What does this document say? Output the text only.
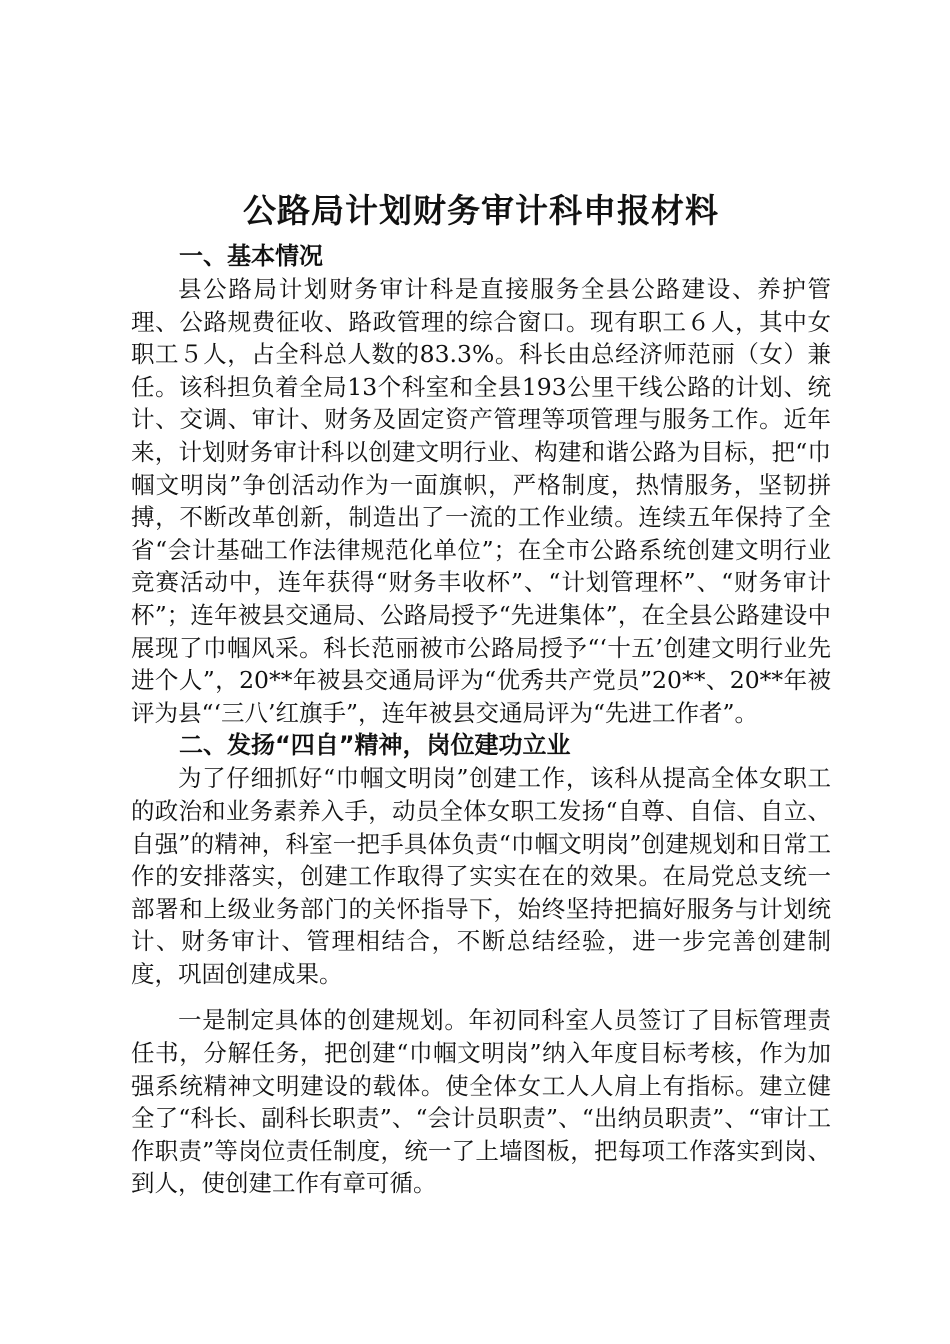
公路局计划财务审计科申报材料
一、基本情况

县公路局计划财务审计科是直接服务全县公路建设、养护管理、公路规费征收、路政管理的综合窗口。现有职工６人，其中女职工５人，占全科总人数的83.3%。科长由总经济师范丽（女）兼任。该科担负着全局13个科室和全县193公里干线公路的计划、统计、交调、审计、财务及固定资产管理等项管理与服务工作。近年来，计划财务审计科以创建文明行业、构建和谐公路为目标，把“巾帼文明岗”争创活动作为一面旗帜，严格制度，热情服务，坚韧拼搏，不断改革创新，制造出了一流的工作业绩。连续五年保持了全省“会计基础工作法律规范化单位”；在全市公路系统创建文明行业竞赛活动中，连年获得“财务丰收杯”、“计划管理杯”、“财务审计杯”；连年被县交通局、公路局授予“先进集体”，在全县公路建设中展现了巾帼风采。科长范丽被市公路局授予“‘十五’创建文明行业先进个人”，20**年被县交通局评为“优秀共产党员”20**、20**年被评为县“‘三八’红旗手”，连年被县交通局评为“先进工作者”。

二、发扬“四自”精神，岗位建功立业

为了仔细抓好“巾帼文明岗”创建工作，该科从提高全体女职工的政治和业务素养入手，动员全体女职工发扬“自尊、自信、自立、自强”的精神，科室一把手具体负责“巾帼文明岗”创建规划和日常工作的安排落实，创建工作取得了实实在在的效果。在局党总支统一部署和上级业务部门的关怀指导下，始终坚持把搞好服务与计划统计、财务审计、管理相结合，不断总结经验，进一步完善创建制度，巩固创建成果。

一是制定具体的创建规划。年初同科室人员签订了目标管理责任书，分解任务，把创建“巾帼文明岗”纳入年度目标考核，作为加强系统精神文明建设的载体。使全体女工人人肩上有指标。建立健全了“科长、副科长职责”、“会计员职责”、“出纳员职责”、“审计工作职责”等岗位责任制度，统一了上墙图板，把每项工作落实到岗、到人，使创建工作有章可循。
